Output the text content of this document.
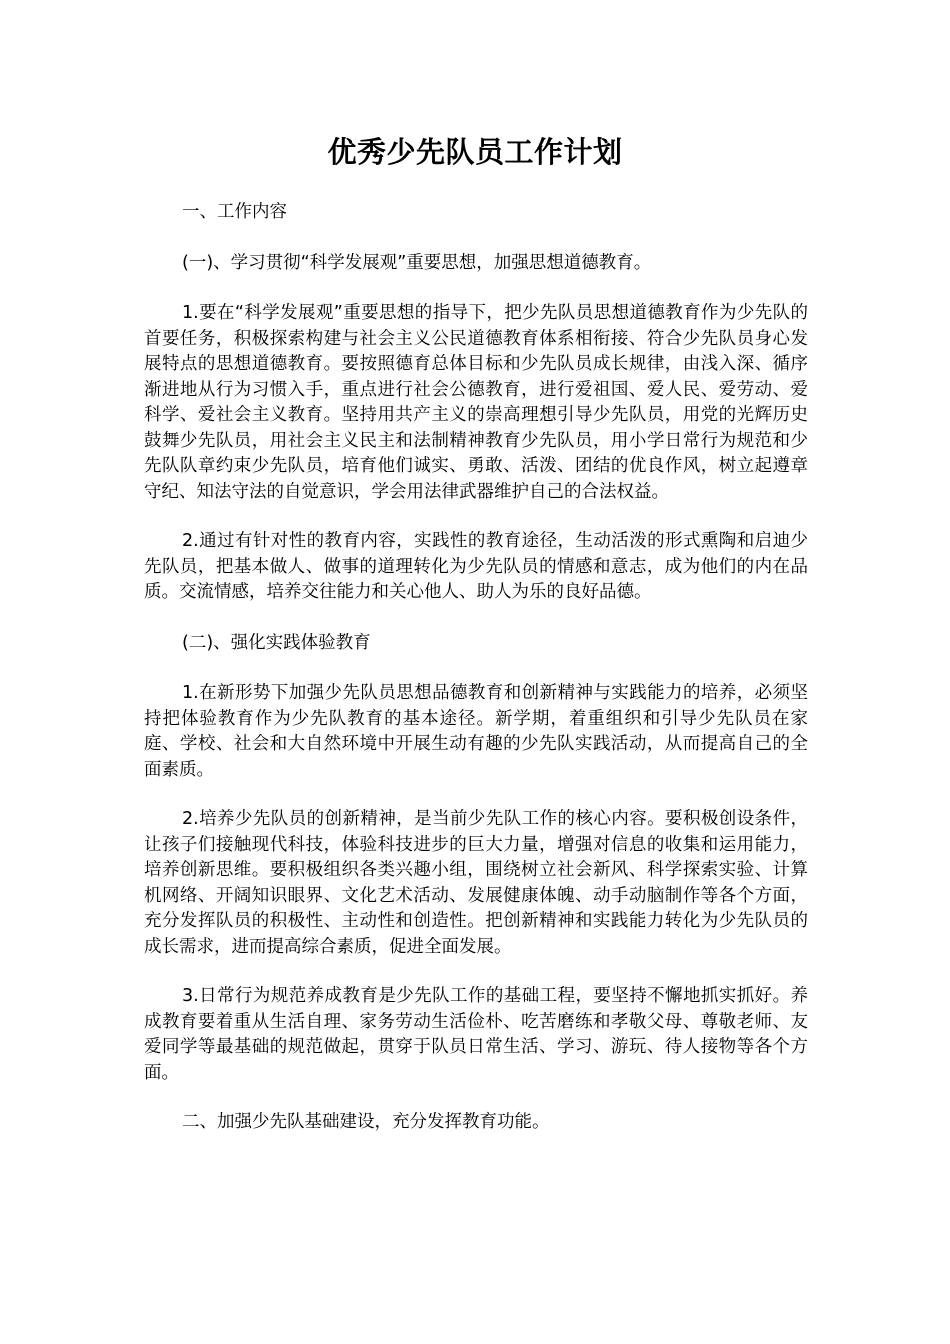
优秀少先队员工作计划

一、工作内容

(一)、学习贯彻“科学发展观”重要思想，加强思想道德教育。

1.要在“科学发展观”重要思想的指导下，把少先队员思想道德教育作为少先队的首要任务，积极探索构建与社会主义公民道德教育体系相衔接、符合少先队员身心发展特点的思想道德教育。要按照德育总体目标和少先队员成长规律，由浅入深、循序渐进地从行为习惯入手，重点进行社会公德教育，进行爱祖国、爱人民、爱劳动、爱科学、爱社会主义教育。坚持用共产主义的崇高理想引导少先队员，用党的光辉历史鼓舞少先队员，用社会主义民主和法制精神教育少先队员，用小学日常行为规范和少先队队章约束少先队员，培育他们诚实、勇敢、活泼、团结的优良作风，树立起遵章守纪、知法守法的自觉意识，学会用法律武器维护自己的合法权益。

2.通过有针对性的教育内容，实践性的教育途径，生动活泼的形式熏陶和启迪少先队员，把基本做人、做事的道理转化为少先队员的情感和意志，成为他们的内在品质。交流情感，培养交往能力和关心他人、助人为乐的良好品德。

(二)、强化实践体验教育

1.在新形势下加强少先队员思想品德教育和创新精神与实践能力的培养，必须坚持把体验教育作为少先队教育的基本途径。新学期，着重组织和引导少先队员在家庭、学校、社会和大自然环境中开展生动有趣的少先队实践活动，从而提高自己的全面素质。

2.培养少先队员的创新精神，是当前少先队工作的核心内容。要积极创设条件，让孩子们接触现代科技，体验科技进步的巨大力量，增强对信息的收集和运用能力，培养创新思维。要积极组织各类兴趣小组，围绕树立社会新风、科学探索实验、计算机网络、开阔知识眼界、文化艺术活动、发展健康体魄、动手动脑制作等各个方面，充分发挥队员的积极性、主动性和创造性。把创新精神和实践能力转化为少先队员的成长需求，进而提高综合素质，促进全面发展。

3.日常行为规范养成教育是少先队工作的基础工程，要坚持不懈地抓实抓好。养成教育要着重从生活自理、家务劳动生活俭朴、吃苦磨练和孝敬父母、尊敬老师、友爱同学等最基础的规范做起，贯穿于队员日常生活、学习、游玩、待人接物等各个方面。

二、加强少先队基础建设，充分发挥教育功能。
